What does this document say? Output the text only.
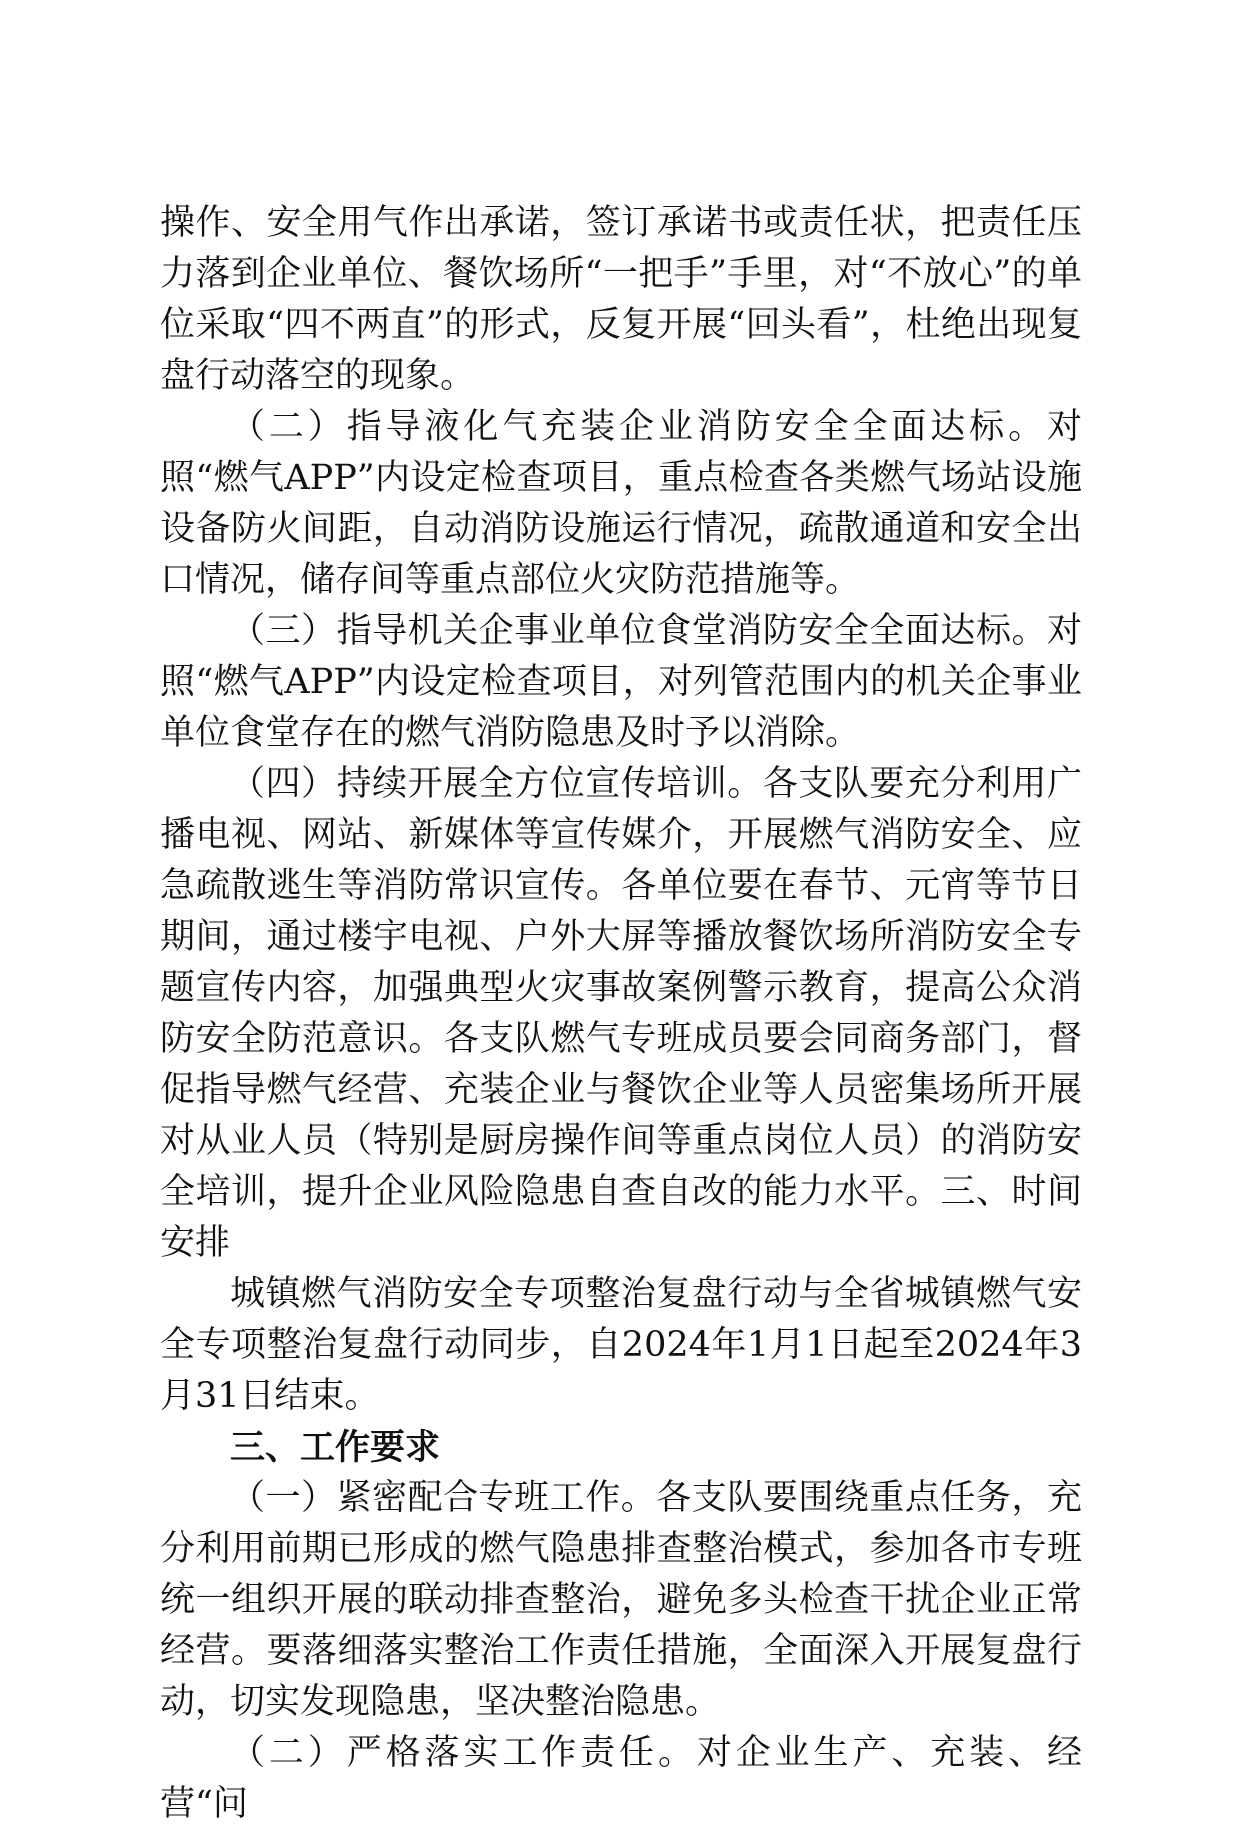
操作、安全用气作出承诺，签订承诺书或责任状，把责任压力落到企业单位、餐饮场所“一把手”手里，对“不放心”的单位采取“四不两直”的形式，反复开展“回头看”，杜绝出现复盘行动落空的现象。

（二）指导液化气充装企业消防安全全面达标。对照“燃气APP”内设定检查项目，重点检查各类燃气场站设施设备防火间距，自动消防设施运行情况，疏散通道和安全出口情况，储存间等重点部位火灾防范措施等。

（三）指导机关企事业单位食堂消防安全全面达标。对照“燃气APP”内设定检查项目，对列管范围内的机关企事业单位食堂存在的燃气消防隐患及时予以消除。

（四）持续开展全方位宣传培训。各支队要充分利用广播电视、网站、新媒体等宣传媒介，开展燃气消防安全、应急疏散逃生等消防常识宣传。各单位要在春节、元宵等节日期间，通过楼宇电视、户外大屏等播放餐饮场所消防安全专题宣传内容，加强典型火灾事故案例警示教育，提高公众消防安全防范意识。各支队燃气专班成员要会同商务部门，督促指导燃气经营、充装企业与餐饮企业等人员密集场所开展对从业人员（特别是厨房操作间等重点岗位人员）的消防安全培训，提升企业风险隐患自查自改的能力水平。三、时间安排

城镇燃气消防安全专项整治复盘行动与全省城镇燃气安全专项整治复盘行动同步，自2024年1月1日起至2024年3月31日结束。

三、工作要求

（一）紧密配合专班工作。各支队要围绕重点任务，充分利用前期已形成的燃气隐患排查整治模式，参加各市专班统一组织开展的联动排查整治，避免多头检查干扰企业正常经营。要落细落实整治工作责任措施，全面深入开展复盘行动，切实发现隐患，坚决整治隐患。

（二）严格落实工作责任。对企业生产、充装、经营“问
